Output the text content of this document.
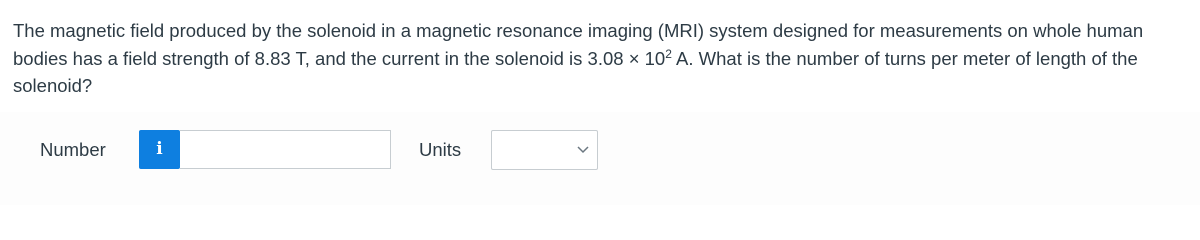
The magnetic field produced by the solenoid in a magnetic resonance imaging (MRI) system designed for measurements on whole human bodies has a field strength of 8.83 T, and the current in the solenoid is $3.08 \times 10^2$ A. What is the number of turns per meter of length of the solenoid?

Number	i	Units
